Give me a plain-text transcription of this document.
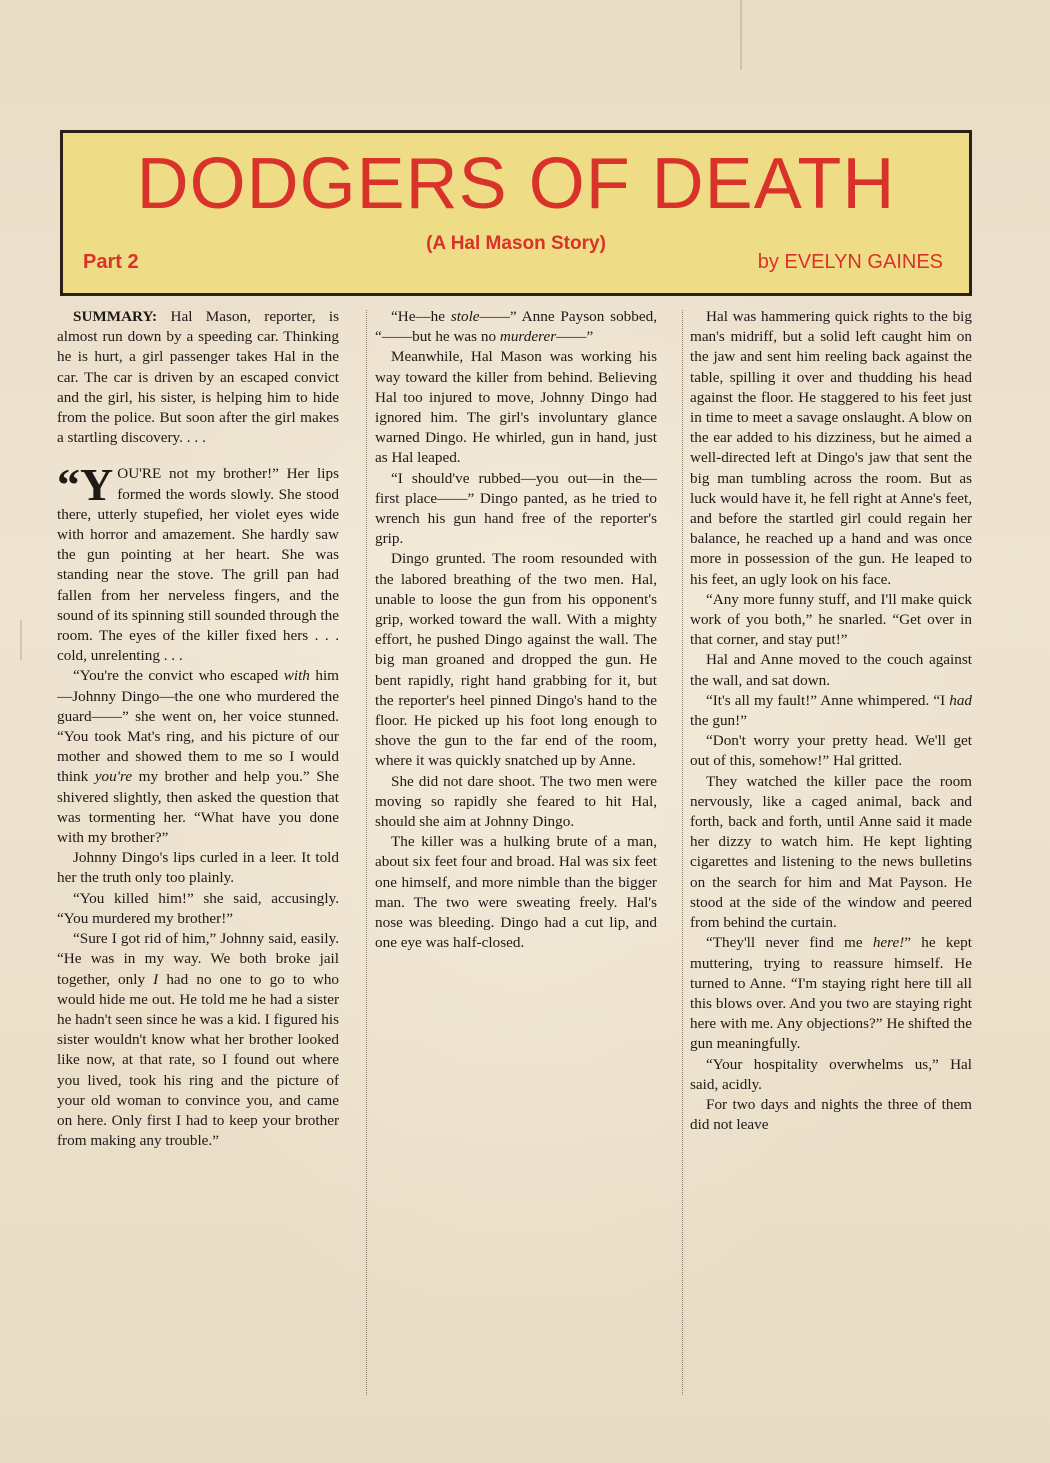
DODGERS OF DEATH
(A Hal Mason Story)
Part 2	by EVELYN GAINES

SUMMARY: Hal Mason, reporter, is almost run down by a speeding car. Thinking he is hurt, a girl passenger takes Hal in the car. The car is driven by an escaped convict and the girl, his sister, is helping him to hide from the police. But soon after the girl makes a startling discovery. . . .

“Y OU'RE not my brother!” Her lips formed the words slowly. She stood there, utterly stupefied, her violet eyes wide with horror and amazement. She hardly saw the gun pointing at her heart. She was standing near the stove. The grill pan had fallen from her nerveless fingers, and the sound of its spinning still sounded through the room. The eyes of the killer fixed hers . . . cold, unrelenting . . .

“You're the convict who escaped with him—Johnny Dingo—the one who murdered the guard——” she went on, her voice stunned. “You took Mat's ring, and his picture of our mother and showed them to me so I would think you're my brother and help you.” She shivered slightly, then asked the question that was tormenting her. “What have you done with my brother?”

Johnny Dingo's lips curled in a leer. It told her the truth only too plainly.

“You killed him!” she said, accusingly. “You murdered my brother!”

“Sure I got rid of him,” Johnny said, easily. “He was in my way. We both broke jail together, only I had no one to go to who would hide me out. He told me he had a sister he hadn't seen since he was a kid. I figured his sister wouldn't know what her brother looked like now, at that rate, so I found out where you lived, took his ring and the picture of your old woman to convince you, and came on here. Only first I had to keep your brother from making any trouble.”

“He—he stole——” Anne Payson sobbed, “——but he was no murderer——”

Meanwhile, Hal Mason was working his way toward the killer from behind. Believing Hal too injured to move, Johnny Dingo had ignored him. The girl's involuntary glance warned Dingo. He whirled, gun in hand, just as Hal leaped.

“I should've rubbed—you out—in the—first place——” Dingo panted, as he tried to wrench his gun hand free of the reporter's grip.

Dingo grunted. The room resounded with the labored breathing of the two men. Hal, unable to loose the gun from his opponent's grip, worked toward the wall. With a mighty effort, he pushed Dingo against the wall. The big man groaned and dropped the gun. He bent rapidly, right hand grabbing for it, but the reporter's heel pinned Dingo's hand to the floor. He picked up his foot long enough to shove the gun to the far end of the room, where it was quickly snatched up by Anne.

She did not dare shoot. The two men were moving so rapidly she feared to hit Hal, should she aim at Johnny Dingo.

The killer was a hulking brute of a man, about six feet four and broad. Hal was six feet one himself, and more nimble than the bigger man. The two were sweating freely. Hal's nose was bleeding. Dingo had a cut lip, and one eye was half-closed.

Hal was hammering quick rights to the big man's midriff, but a solid left caught him on the jaw and sent him reeling back against the table, spilling it over and thudding his head against the floor. He staggered to his feet just in time to meet a savage onslaught. A blow on the ear added to his dizziness, but he aimed a well-directed left at Dingo's jaw that sent the big man tumbling across the room. But as luck would have it, he fell right at Anne's feet, and before the startled girl could regain her balance, he reached up a hand and was once more in possession of the gun. He leaped to his feet, an ugly look on his face.

“Any more funny stuff, and I'll make quick work of you both,” he snarled. “Get over in that corner, and stay put!”

Hal and Anne moved to the couch against the wall, and sat down.

“It's all my fault!” Anne whimpered. “I had the gun!”

“Don't worry your pretty head. We'll get out of this, somehow!” Hal gritted.

They watched the killer pace the room nervously, like a caged animal, back and forth, back and forth, until Anne said it made her dizzy to watch him. He kept lighting cigarettes and listening to the news bulletins on the search for him and Mat Payson. He stood at the side of the window and peered from behind the curtain.

“They'll never find me here!” he kept muttering, trying to reassure himself. He turned to Anne. “I'm staying right here till all this blows over. And you two are staying right here with me. Any objections?” He shifted the gun meaningfully.

“Your hospitality overwhelms us,” Hal said, acidly.

For two days and nights the three of them did not leave
